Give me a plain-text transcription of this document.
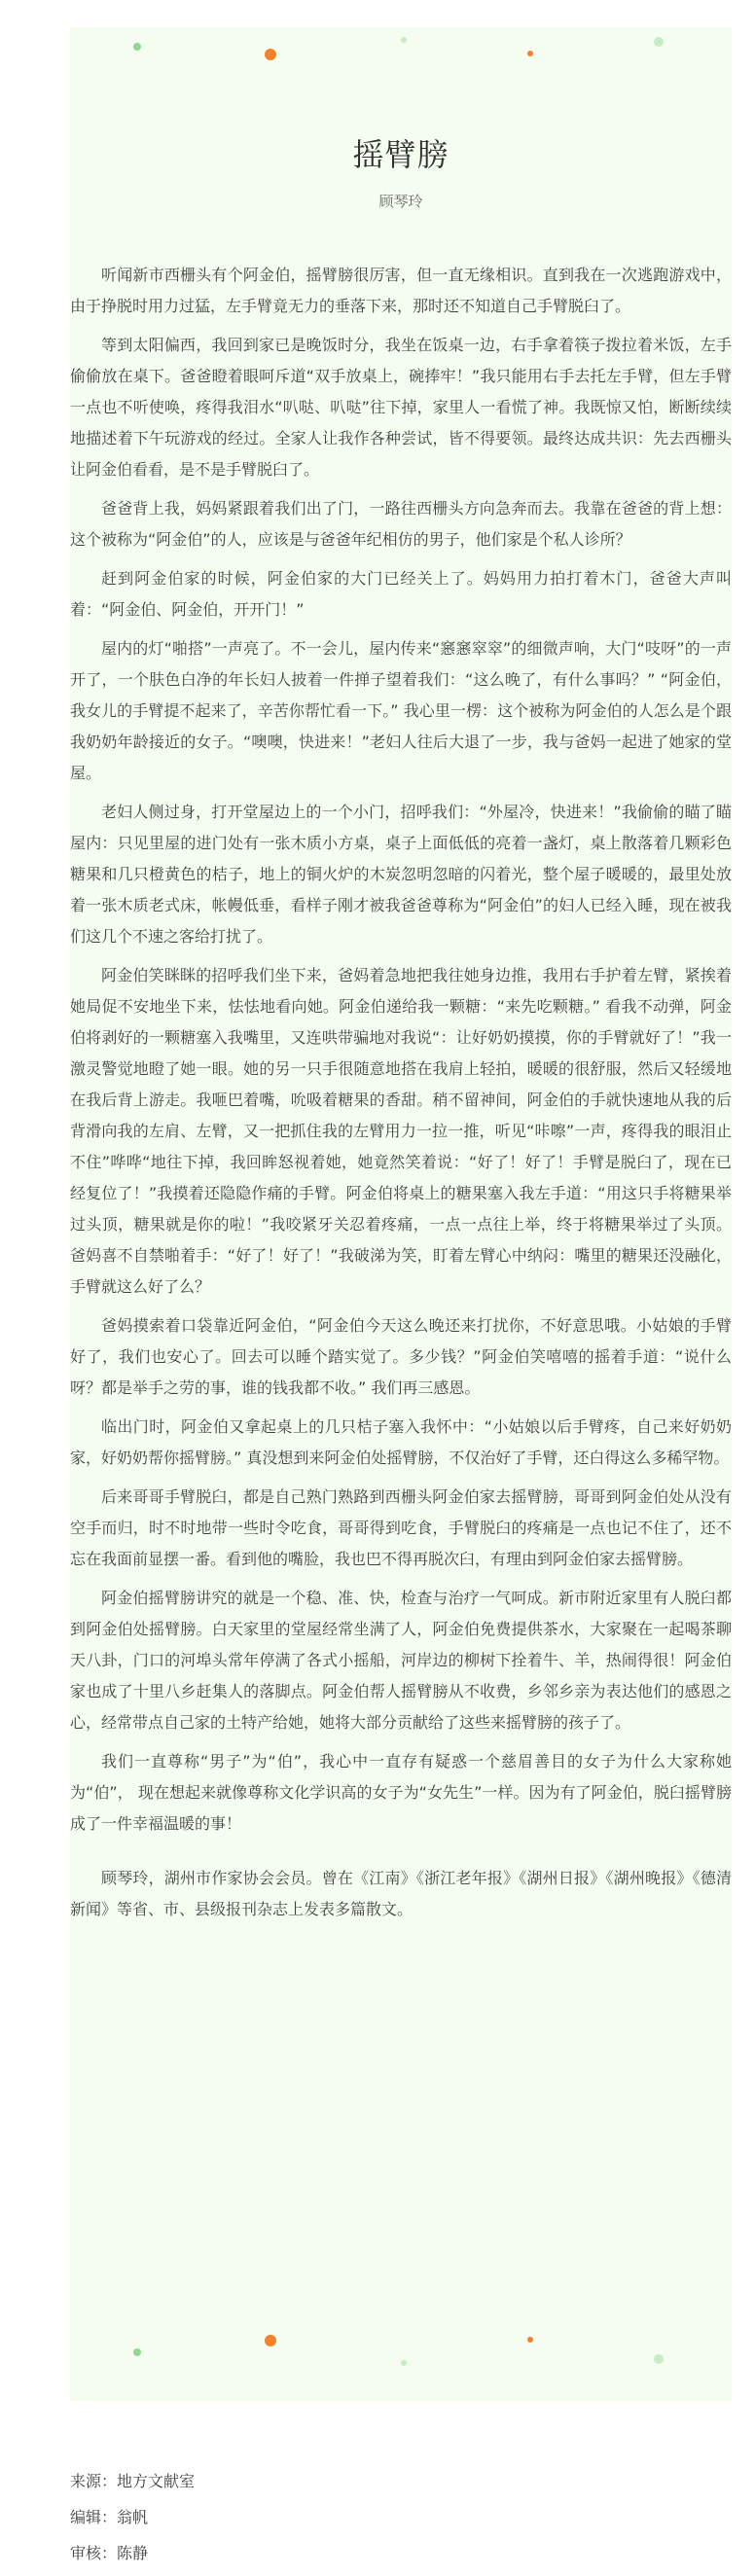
摇臂膀
顾琴玲

听闻新市西栅头有个阿金伯，摇臂膀很厉害，但一直无缘相识。直到我在一次逃跑游戏中，由于挣脱时用力过猛，左手臂竟无力的垂落下来，那时还不知道自己手臂脱臼了。

等到太阳偏西，我回到家已是晚饭时分，我坐在饭桌一边，右手拿着筷子拨拉着米饭，左手偷偷放在桌下。爸爸瞪着眼呵斥道“双手放桌上，碗捧牢！”我只能用右手去托左手臂，但左手臂一点也不听使唤，疼得我泪水“叭哒、叭哒”往下掉，家里人一看慌了神。我既惊又怕，断断续续地描述着下午玩游戏的经过。全家人让我作各种尝试，皆不得要领。最终达成共识：先去西栅头让阿金伯看看，是不是手臂脱臼了。

爸爸背上我，妈妈紧跟着我们出了门，一路往西栅头方向急奔而去。我靠在爸爸的背上想：这个被称为“阿金伯”的人，应该是与爸爸年纪相仿的男子，他们家是个私人诊所？

赶到阿金伯家的时候，阿金伯家的大门已经关上了。妈妈用力拍打着木门，爸爸大声叫着：“阿金伯、阿金伯，开开门！”

屋内的灯“啪搭”一声亮了。不一会儿，屋内传来“窸窸窣窣”的细微声响，大门“吱呀”的一声开了，一个肤色白净的年长妇人披着一件掸子望着我们：“这么晚了，有什么事吗？” “阿金伯，我女儿的手臂提不起来了，辛苦你帮忙看一下。” 我心里一楞：这个被称为阿金伯的人怎么是个跟我奶奶年龄接近的女子。“噢噢，快进来！”老妇人往后大退了一步，我与爸妈一起进了她家的堂屋。

老妇人侧过身，打开堂屋边上的一个小门，招呼我们：“外屋冷，快进来！”我偷偷的瞄了瞄屋内：只见里屋的进门处有一张木质小方桌，桌子上面低低的亮着一盏灯，桌上散落着几颗彩色糖果和几只橙黄色的桔子，地上的铜火炉的木炭忽明忽暗的闪着光，整个屋子暖暖的，最里处放着一张木质老式床，帐幔低垂，看样子刚才被我爸爸尊称为“阿金伯”的妇人已经入睡，现在被我们这几个不速之客给打扰了。

阿金伯笑眯眯的招呼我们坐下来，爸妈着急地把我往她身边推，我用右手护着左臂，紧挨着她局促不安地坐下来，怯怯地看向她。阿金伯递给我一颗糖：“来先吃颗糖。” 看我不动弹，阿金伯将剥好的一颗糖塞入我嘴里，又连哄带骗地对我说“：让好奶奶摸摸，你的手臂就好了！”我一激灵警觉地瞪了她一眼。她的另一只手很随意地搭在我肩上轻拍，暖暖的很舒服，然后又轻缓地在我后背上游走。我咂巴着嘴，吮吸着糖果的香甜。稍不留神间，阿金伯的手就快速地从我的后背滑向我的左肩、左臂，又一把抓住我的左臂用力一拉一推，听见“咔嚓”一声，疼得我的眼泪止不住”哗哗“地往下掉，我回眸怒视着她，她竟然笑着说：“好了！好了！手臂是脱臼了，现在已经复位了！”我摸着还隐隐作痛的手臂。阿金伯将桌上的糖果塞入我左手道：“用这只手将糖果举过头顶，糖果就是你的啦！”我咬紧牙关忍着疼痛，一点一点往上举，终于将糖果举过了头顶。爸妈喜不自禁啪着手：“好了！好了！”我破涕为笑，盯着左臂心中纳闷：嘴里的糖果还没融化，手臂就这么好了么？

爸妈摸索着口袋靠近阿金伯，“阿金伯今天这么晚还来打扰你，不好意思哦。小姑娘的手臂好了，我们也安心了。回去可以睡个踏实觉了。多少钱？”阿金伯笑嘻嘻的摇着手道：“说什么呀？都是举手之劳的事，谁的钱我都不收。” 我们再三感恩。

临出门时，阿金伯又拿起桌上的几只桔子塞入我怀中：“小姑娘以后手臂疼，自己来好奶奶家，好奶奶帮你摇臂膀。” 真没想到来阿金伯处摇臂膀，不仅治好了手臂，还白得这么多稀罕物。

后来哥哥手臂脱臼，都是自己熟门熟路到西栅头阿金伯家去摇臂膀，哥哥到阿金伯处从没有空手而归，时不时地带一些时令吃食，哥哥得到吃食，手臂脱臼的疼痛是一点也记不住了，还不忘在我面前显摆一番。看到他的嘴脸，我也巴不得再脱次臼，有理由到阿金伯家去摇臂膀。

阿金伯摇臂膀讲究的就是一个稳、准、快，检查与治疗一气呵成。新市附近家里有人脱臼都到阿金伯处摇臂膀。白天家里的堂屋经常坐满了人，阿金伯免费提供茶水，大家聚在一起喝茶聊天八卦，门口的河埠头常年停满了各式小摇船，河岸边的柳树下拴着牛、羊，热闹得很！阿金伯家也成了十里八乡赶集人的落脚点。阿金伯帮人摇臂膀从不收费，乡邻乡亲为表达他们的感恩之心，经常带点自己家的土特产给她，她将大部分贡献给了这些来摇臂膀的孩子了。

我们一直尊称“男子”为“伯”，我心中一直存有疑惑一个慈眉善目的女子为什么大家称她为“伯”， 现在想起来就像尊称文化学识高的女子为“女先生”一样。因为有了阿金伯，脱臼摇臂膀成了一件幸福温暖的事！

顾琴玲，湖州市作家协会会员。曾在《江南》《浙江老年报》《湖州日报》《湖州晚报》《德清新闻》等省、市、县级报刊杂志上发表多篇散文。

来源：地方文献室
编辑：翁帆
审核：陈静
